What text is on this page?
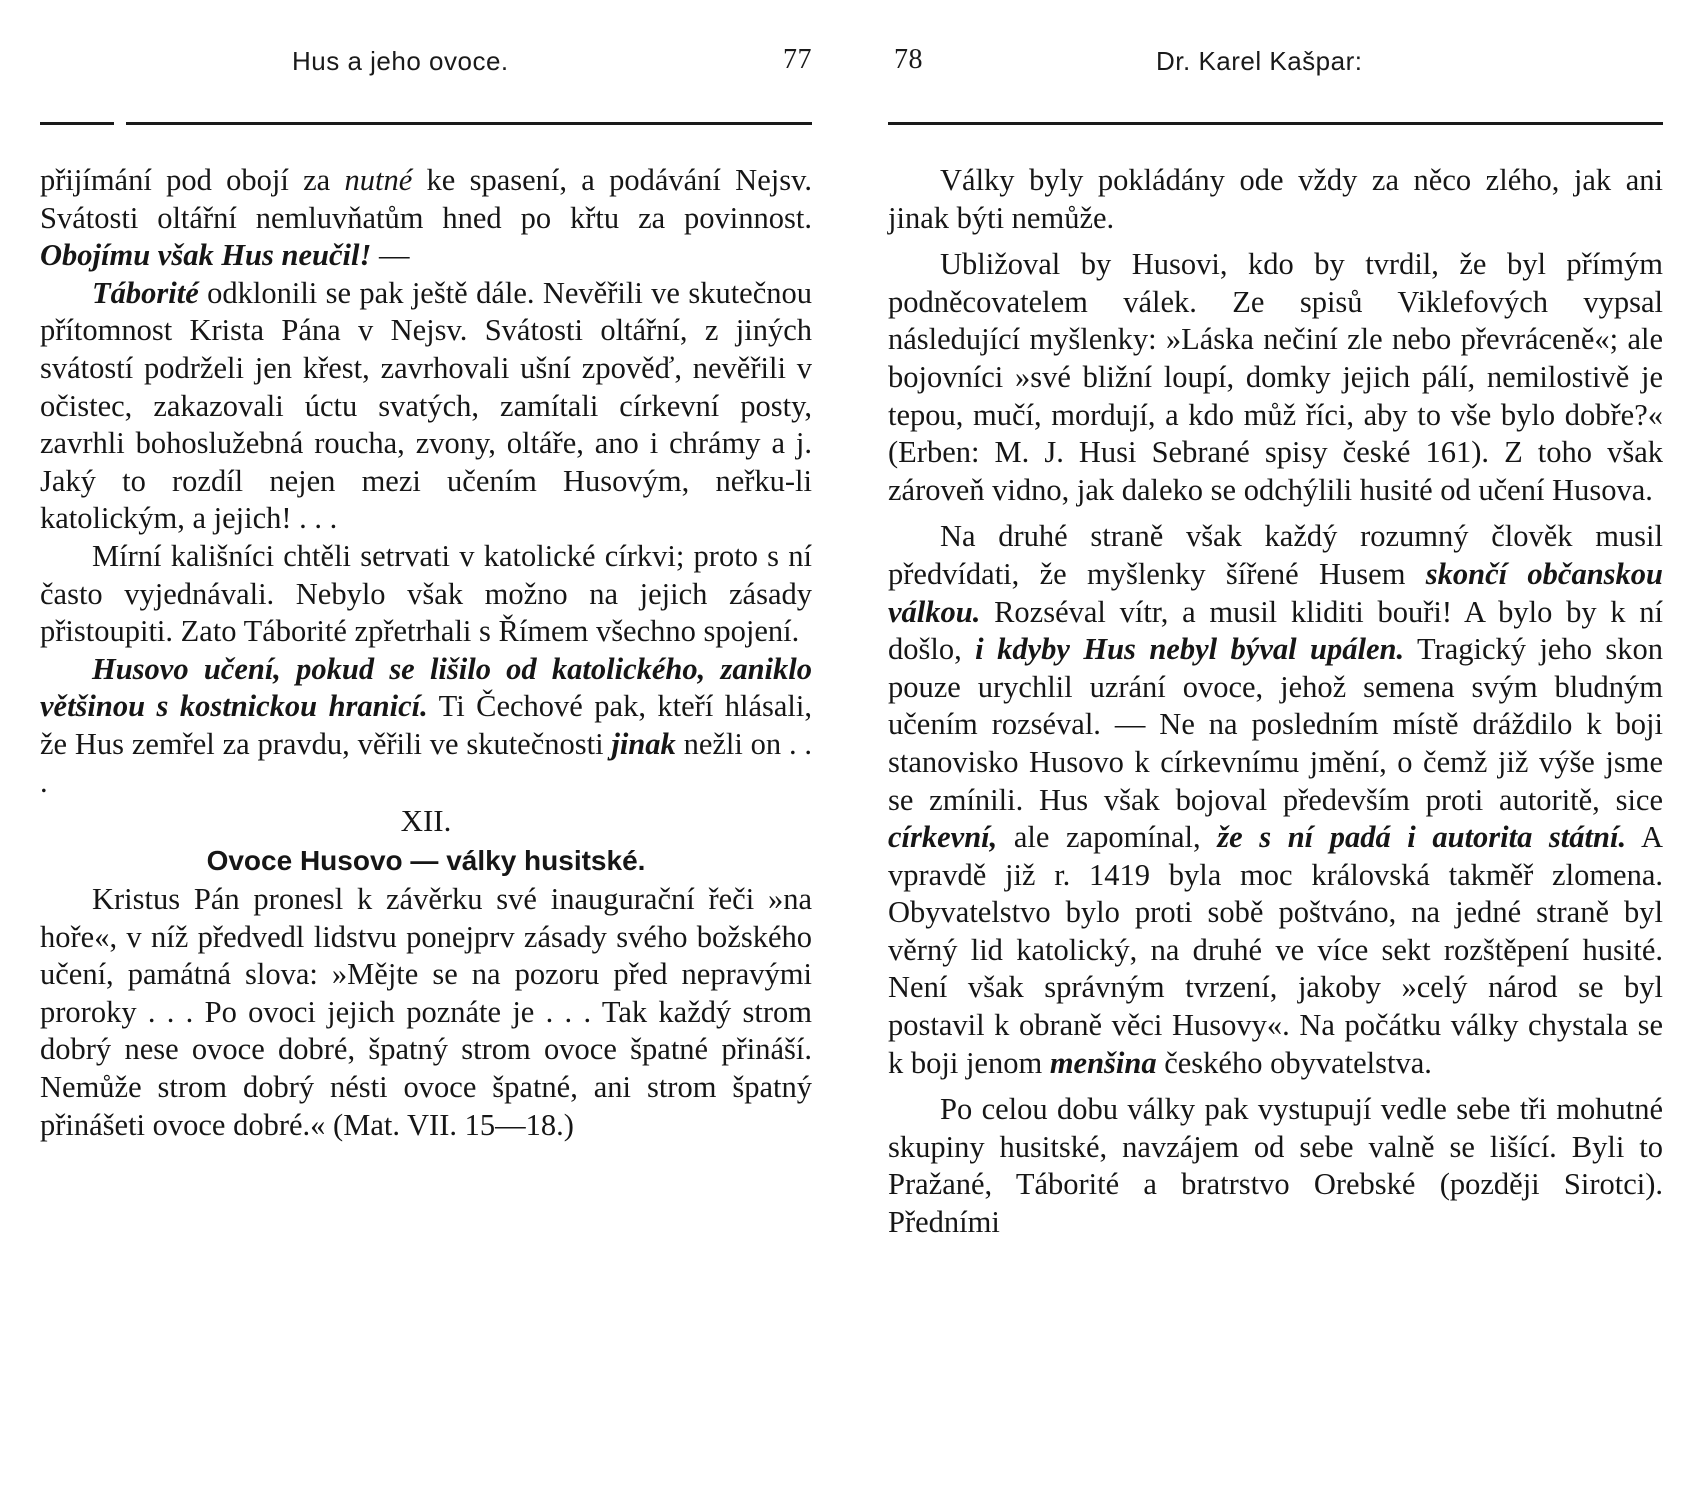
Hus a jeho ovoce.	77

přijímání pod obojí za nutné ke spasení, a podávání Nejsv. Svátosti oltářní nemluvňatům hned po křtu za povinnost. Obojímu však Hus neučil! —

Táborité odklonili se pak ještě dále. Nevěřili ve skutečnou přítomnost Krista Pána v Nejsv. Svátosti oltářní, z jiných svátostí podrželi jen křest, zavrhovali ušní zpověď, nevěřili v očistec, zakazovali úctu svatých, zamítali církevní posty, zavrhli bohoslužebná roucha, zvony, oltáře, ano i chrámy a j. Jaký to rozdíl nejen mezi učením Husovým, neřku-li katolickým, a jejich! . . .

Mírní kališníci chtěli setrvati v katolické církvi; proto s ní často vyjednávali. Nebylo však možno na jejich zásady přistoupiti. Zato Táborité zpřetrhali s Římem všechno spojení.

Husovo učení, pokud se lišilo od katolického, zaniklo většinou s kostnickou hranicí. Ti Čechové pak, kteří hlásali, že Hus zemřel za pravdu, věřili ve skutečnosti jinak nežli on . . .

XII.

Ovoce Husovo — války husitské.

Kristus Pán pronesl k závěrku své inaugurační řeči »na hoře«, v níž předvedl lidstvu ponejprv zásady svého božského učení, památná slova: »Mějte se na pozoru před nepravými proroky . . . Po ovoci jejich poznáte je . . . Tak každý strom dobrý nese ovoce dobré, špatný strom ovoce špatné přináší. Nemůže strom dobrý nésti ovoce špatné, ani strom špatný přinášeti ovoce dobré.« (Mat. VII. 15—18.)

78	Dr. Karel Kašpar:

Války byly pokládány ode vždy za něco zlého, jak ani jinak býti nemůže.

Ubližoval by Husovi, kdo by tvrdil, že byl přímým podněcovatelem válek. Ze spisů Viklefových vypsal následující myšlenky: »Láska nečiní zle nebo převráceně«; ale bojovníci »své bližní loupí, domky jejich pálí, nemilostivě je tepou, mučí, mordují, a kdo můž říci, aby to vše bylo dobře?« (Erben: M. J. Husi Sebrané spisy české 161). Z toho však zároveň vidno, jak daleko se odchýlili husité od učení Husova.

Na druhé straně však každý rozumný člověk musil předvídati, že myšlenky šířené Husem skončí občanskou válkou. Rozséval vítr, a musil kliditi bouři! A bylo by k ní došlo, i kdyby Hus nebyl býval upálen. Tragický jeho skon pouze urychlil uzrání ovoce, jehož semena svým bludným učením rozséval. — Ne na posledním místě dráždilo k boji stanovisko Husovo k církevnímu jmění, o čemž již výše jsme se zmínili. Hus však bojoval především proti autoritě, sice církevní, ale zapomínal, že s ní padá i autorita státní. A vpravdě již r. 1419 byla moc královská takměř zlomena. Obyvatelstvo bylo proti sobě poštváno, na jedné straně byl věrný lid katolický, na druhé ve více sekt rozštěpení husité. Není však správným tvrzení, jakoby »celý národ se byl postavil k obraně věci Husovy«. Na počátku války chystala se k boji jenom menšina českého obyvatelstva.

Po celou dobu války pak vystupují vedle sebe tři mohutné skupiny husitské, navzájem od sebe valně se lišící. Byli to Pražané, Táborité a bratrstvo Orebské (později Sirotci). Předními
